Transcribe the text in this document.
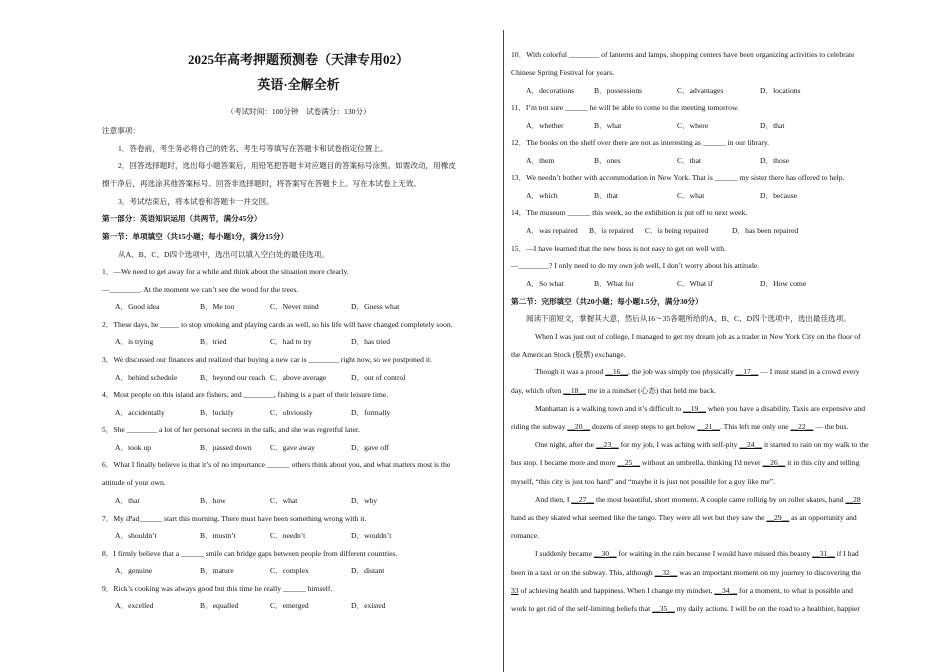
2025年高考押题预测卷（天津专用02）
英语·全解全析
（考试时间：100分钟　试卷满分：130分）
注意事项：
1．答卷前，考生务必将自己的姓名、考生号等填写在答题卡和试卷指定位置上。
2．回答选择题时，选出每小题答案后，用铅笔把答题卡对应题目的答案标号涂黑。如需改动，用橡皮
擦干净后，再选涂其他答案标号。回答非选择题时，将答案写在答题卡上。写在本试卷上无效。
3．考试结束后，将本试卷和答题卡一并交回。
第一部分：英语知识运用（共两节，满分45分）
第一节：单项填空（共15小题；每小题1分，满分15分）
从A、B、C、D四个选项中，选出可以填入空白处的最佳选项。
1．—We need to get away for a while and think about the situation more clearly.
—________. At the moment we can’t see the wood for the trees.
A．Good idea	B．Me too	C．Never mind	D．Guess what
2．These days, he _____ to stop smoking and playing cards as well, so his life will have changed completely soon.
A．is trying	B．tried	C．had to try	D．has tried
3．We discussed our finances and realized that buying a new car is ________ right now, so we postponed it.
A．behind schedule	B．beyond our reach C．above average	D．out of control
4．Most people on this island are fishers, and ________, fishing is a part of their leisure time.
A．accidentally	B．luckily	C．obviously	D．formally
5．She ________ a lot of her personal secrets in the talk, and she was regretful later.
A．took up	B．passed down C．gave away	D．gave off
6．What I finally believe is that it’s of no importance ______ others think about you, and what matters most is the
attitude of your own.
A．that	B．how	C．what	D．why
7．My iPad______ start this morning. There must have been something wrong with it.
A．shouldn’t	B．mustn’t	C．needn’t	D．wouldn’t
8．I firmly believe that a ______ smile can bridge gaps between people from different countries.
A．genuine	B．mature	C．complex	D．distant
9．Rick’s cooking was always good but this time he really ______ himself.
A．excelled	B．equalled	C．emerged	D．existed
10．With colorful ________ of lanterns and lamps, shopping centers have been organizing activities to celebrate
Chinese Spring Festival for years.
A．decorations	B．possessions	C．advantages	D．locations
11．I’m not sure ______ he will be able to come to the meeting tomorrow.
A．whether	B．what	C．where	D．that
12．The books on the shelf over there are not as interesting as ______ in our library.
A．them	B．ones	C．that	D．those
13．We needn’t bother with accommodation in New York. That is ______ my sister there has offered to help.
A．which	B．that	C．what	D．because
14．The museum ______ this week, so the exhibition is put off to next week.
A．was repaired B．is repaired C．is being repaired	D．has been repaired
15．—I have learned that the new boss is not easy to get on well with.
—________? I only need to do my own job well, I don’t worry about his attitude.
A．So what	B．What for	C．What if	D．How come
第二节：完形填空（共20小题；每小题1.5分，满分30分）
阅读下面短文，掌握其大意，然后从16～35各题所给的A、B、C、D四个选项中，选出最佳选项。
When I was just out of college, I managed to get my dream job as a trader in New York City on the floor of
the American Stock (股票) exchange.
Though it was a proud __16__, the job was simply too physically __17__ — I must stand in a crowd every
day, which often __18__ me in a mindset (心态) that held me back.
Manhattan is a walking town and it’s difficult to __19__ when you have a disability. Taxis are expensive and
riding the subway __20__ dozens of steep steps to get below __21__. This left me only one __22__ — the bus.
One night, after the __23__ for my job, I was aching with self-pity __24__ it started to rain on my walk to the
bus stop. I became more and more __25__ without an umbrella, thinking I'd never __26__ it in this city and telling
myself, “this city is just too hard” and “maybe it is just not possible for a guy like me”.
And then, I __27__ the most beautiful, short moment. A couple came rolling by on roller skates, hand __28
hand as they skated what seemed like the tango. They were all wet but they saw the __29__ as an opportunity and
romance.
I suddenly became __30__ for waiting in the rain because I would have missed this beauty __31__ if I had
been in a taxi or on the subway. This, although __32__ was an important moment on my journey to discovering the
33 of achieving health and happiness. When I change my mindset, __34__ for a moment, to what is possible and
work to get rid of the self-limiting beliefs that __35__ my daily actions. I will be on the road to a healthier, happier
